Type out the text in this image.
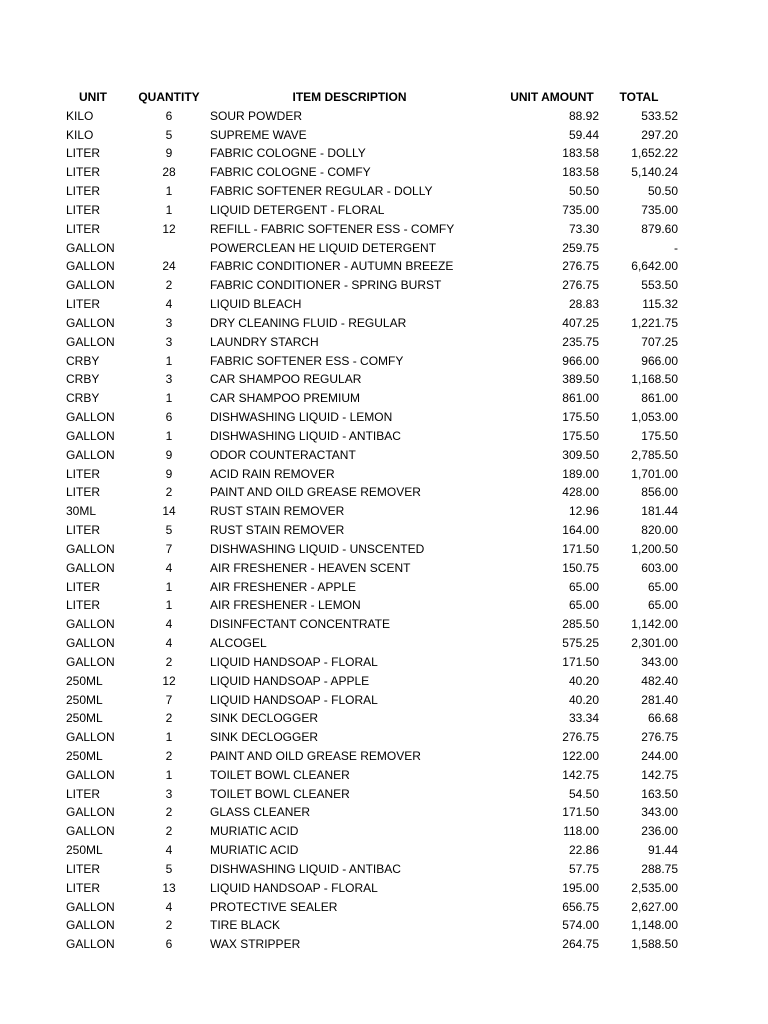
UNIT	QUANTITY	ITEM DESCRIPTION	UNIT AMOUNT	TOTAL
KILO	6	SOUR POWDER	88.92	533.52
KILO	5	SUPREME WAVE	59.44	297.20
LITER	9	FABRIC COLOGNE - DOLLY	183.58	1,652.22
LITER	28	FABRIC COLOGNE - COMFY	183.58	5,140.24
LITER	1	FABRIC SOFTENER REGULAR - DOLLY	50.50	50.50
LITER	1	LIQUID DETERGENT - FLORAL	735.00	735.00
LITER	12	REFILL - FABRIC SOFTENER ESS - COMFY	73.30	879.60
GALLON		POWERCLEAN HE LIQUID DETERGENT	259.75	-
GALLON	24	FABRIC CONDITIONER - AUTUMN BREEZE	276.75	6,642.00
GALLON	2	FABRIC CONDITIONER - SPRING BURST	276.75	553.50
LITER	4	LIQUID BLEACH	28.83	115.32
GALLON	3	DRY CLEANING FLUID - REGULAR	407.25	1,221.75
GALLON	3	LAUNDRY STARCH	235.75	707.25
CRBY	1	FABRIC SOFTENER ESS - COMFY	966.00	966.00
CRBY	3	CAR SHAMPOO REGULAR	389.50	1,168.50
CRBY	1	CAR SHAMPOO PREMIUM	861.00	861.00
GALLON	6	DISHWASHING LIQUID - LEMON	175.50	1,053.00
GALLON	1	DISHWASHING LIQUID - ANTIBAC	175.50	175.50
GALLON	9	ODOR COUNTERACTANT	309.50	2,785.50
LITER	9	ACID RAIN REMOVER	189.00	1,701.00
LITER	2	PAINT AND OILD GREASE REMOVER	428.00	856.00
30ML	14	RUST STAIN REMOVER	12.96	181.44
LITER	5	RUST STAIN REMOVER	164.00	820.00
GALLON	7	DISHWASHING LIQUID - UNSCENTED	171.50	1,200.50
GALLON	4	AIR FRESHENER - HEAVEN SCENT	150.75	603.00
LITER	1	AIR FRESHENER - APPLE	65.00	65.00
LITER	1	AIR FRESHENER - LEMON	65.00	65.00
GALLON	4	DISINFECTANT CONCENTRATE	285.50	1,142.00
GALLON	4	ALCOGEL	575.25	2,301.00
GALLON	2	LIQUID HANDSOAP - FLORAL	171.50	343.00
250ML	12	LIQUID HANDSOAP - APPLE	40.20	482.40
250ML	7	LIQUID HANDSOAP - FLORAL	40.20	281.40
250ML	2	SINK DECLOGGER	33.34	66.68
GALLON	1	SINK DECLOGGER	276.75	276.75
250ML	2	PAINT AND OILD GREASE REMOVER	122.00	244.00
GALLON	1	TOILET BOWL CLEANER	142.75	142.75
LITER	3	TOILET BOWL CLEANER	54.50	163.50
GALLON	2	GLASS CLEANER	171.50	343.00
GALLON	2	MURIATIC ACID	118.00	236.00
250ML	4	MURIATIC ACID	22.86	91.44
LITER	5	DISHWASHING LIQUID - ANTIBAC	57.75	288.75
LITER	13	LIQUID HANDSOAP - FLORAL	195.00	2,535.00
GALLON	4	PROTECTIVE SEALER	656.75	2,627.00
GALLON	2	TIRE BLACK	574.00	1,148.00
GALLON	6	WAX STRIPPER	264.75	1,588.50
